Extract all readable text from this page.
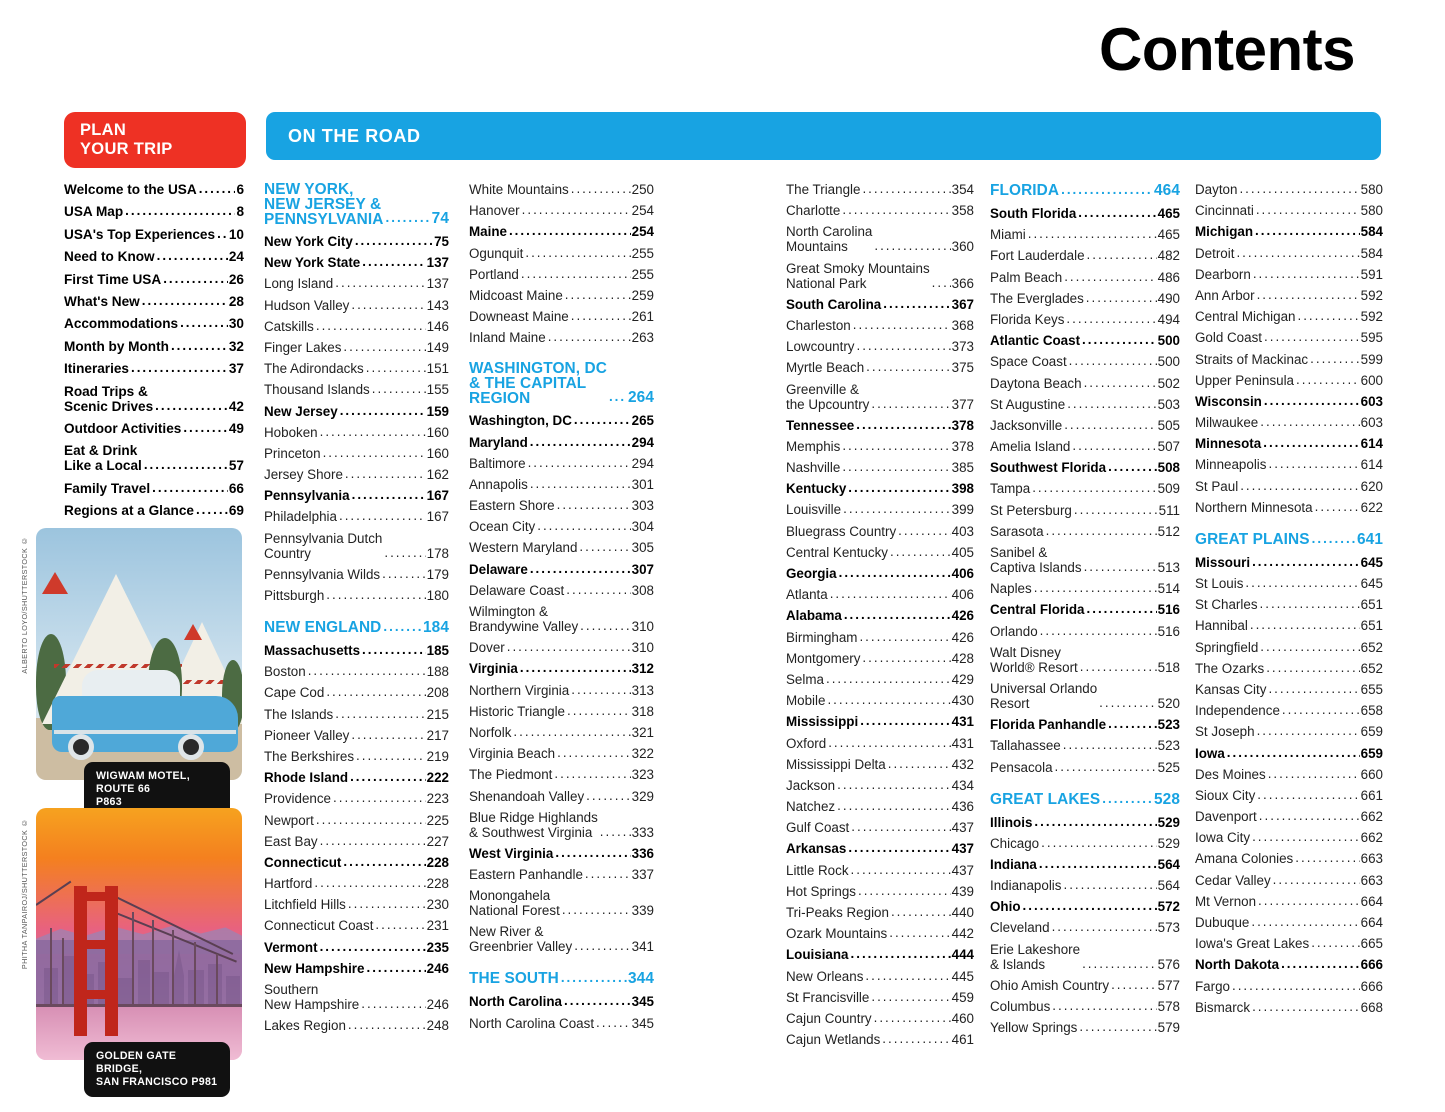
Contents
PLAN
YOUR TRIP
ON THE ROAD
Welcome to the USA .....	6
USA Map .....	8
USA's Top Experiences ..... 10
Need to Know .....	24
First Time USA .....	26
What's New .....	28
Accommodations .....	30
Month by Month .....	32
Itineraries .....	37
Road Trips &
Scenic Drives .....	42
Outdoor Activities .....	49
Eat & Drink
Like a Local .....	57
Family Travel .....	66
Regions at a Glance .....	69
NEW YORK,
NEW JERSEY &
PENNSYLVANIA .....	74
New York City .....	75
New York State .....	137
Long Island .....	137
Hudson Valley .....	143
Catskills .....	146
Finger Lakes .....	149
The Adirondacks .....	151
Thousand Islands .....	155
New Jersey .....	159
Hoboken .....	160
Princeton .....	160
Jersey Shore .....	162
Pennsylvania .....	167
Philadelphia .....	167
Pennsylvania Dutch
Country .....	178
Pennsylvania Wilds .....	179
Pittsburgh .....	180
NEW ENGLAND .....	184
Massachusetts .....	185
Boston .....	188
Cape Cod .....	208
The Islands .....	215
Pioneer Valley .....	217
The Berkshires .....	219
Rhode Island .....	222
Providence .....	223
Newport .....	225
East Bay .....	227
Connecticut .....	228
Hartford .....	228
Litchfield Hills .....	230
Connecticut Coast .....	231
Vermont .....	235
New Hampshire .....	246
Southern
New Hampshire .....	246
Lakes Region .....	248
White Mountains .....	250
Hanover .....	254
Maine .....	254
Ogunquit .....	255
Portland .....	255
Midcoast Maine .....	259
Downeast Maine .....	261
Inland Maine .....	263
WASHINGTON, DC
& THE CAPITAL
REGION .....	264
Washington, DC .....	265
Maryland .....	294
Baltimore .....	294
Annapolis .....	301
Eastern Shore .....	303
Ocean City .....	304
Western Maryland .....	305
Delaware .....	307
Delaware Coast .....	308
Wilmington &
Brandywine Valley .....	310
Dover .....	310
Virginia .....	312
Northern Virginia .....	313
Historic Triangle .....	318
Norfolk .....	321
Virginia Beach .....	322
The Piedmont .....	323
Shenandoah Valley .....	329
Blue Ridge Highlands
& Southwest Virginia .....	333
West Virginia .....	336
Eastern Panhandle .....	337
Monongahela
National Forest .....	339
New River &
Greenbrier Valley .....	341
THE SOUTH .....	344
North Carolina .....	345
North Carolina Coast .....	345
The Triangle .....	354
Charlotte .....	358
North Carolina
Mountains .....	360
Great Smoky Mountains
National Park .....	366
South Carolina .....	367
Charleston .....	368
Lowcountry .....	373
Myrtle Beach .....	375
Greenville &
the Upcountry .....	377
Tennessee .....	378
Memphis .....	378
Nashville .....	385
Kentucky .....	398
Louisville .....	399
Bluegrass Country .....	403
Central Kentucky .....	405
Georgia .....	406
Atlanta .....	406
Alabama .....	426
Birmingham .....	426
Montgomery .....	428
Selma .....	429
Mobile .....	430
Mississippi .....	431
Oxford .....	431
Mississippi Delta .....	432
Jackson .....	434
Natchez .....	436
Gulf Coast .....	437
Arkansas .....	437
Little Rock .....	437
Hot Springs .....	439
Tri-Peaks Region .....	440
Ozark Mountains .....	442
Louisiana .....	444
New Orleans .....	445
St Francisville .....	459
Cajun Country .....	460
Cajun Wetlands .....	461
FLORIDA .....	464
South Florida .....	465
Miami .....	465
Fort Lauderdale .....	482
Palm Beach .....	486
The Everglades .....	490
Florida Keys .....	494
Atlantic Coast .....	500
Space Coast .....	500
Daytona Beach .....	502
St Augustine .....	503
Jacksonville .....	505
Amelia Island .....	507
Southwest Florida .....	508
Tampa .....	509
St Petersburg .....	511
Sarasota .....	512
Sanibel &
Captiva Islands .....	513
Naples .....	514
Central Florida .....	516
Orlando .....	516
Walt Disney
World® Resort .....	518
Universal Orlando
Resort .....	520
Florida Panhandle .....	523
Tallahassee .....	523
Pensacola .....	525
GREAT LAKES .....	528
Illinois .....	529
Chicago .....	529
Indiana .....	564
Indianapolis .....	564
Ohio .....	572
Cleveland .....	573
Erie Lakeshore
& Islands .....	576
Ohio Amish Country .....	577
Columbus .....	578
Yellow Springs .....	579
Dayton .....	580
Cincinnati .....	580
Michigan .....	584
Detroit .....	584
Dearborn .....	591
Ann Arbor .....	592
Central Michigan .....	592
Gold Coast .....	595
Straits of Mackinac .....	599
Upper Peninsula .....	600
Wisconsin .....	603
Milwaukee .....	603
Minnesota .....	614
Minneapolis .....	614
St Paul .....	620
Northern Minnesota .....	622
GREAT PLAINS .....	641
Missouri .....	645
St Louis .....	645
St Charles .....	651
Hannibal .....	651
Springfield .....	652
The Ozarks .....	652
Kansas City .....	655
Independence .....	658
St Joseph .....	659
Iowa .....	659
Des Moines .....	660
Sioux City .....	661
Davenport .....	662
Iowa City .....	662
Amana Colonies .....	663
Cedar Valley .....	663
Mt Vernon .....	664
Dubuque .....	664
Iowa's Great Lakes .....	665
North Dakota .....	666
Fargo .....	666
Bismarck .....	668
ALBERTO LOYO/SHUTTERSTOCK ©
WIGWAM MOTEL, ROUTE 66
P863
PHITHA TANPAIROJ/SHUTTERSTOCK ©
GOLDEN GATE BRIDGE,
SAN FRANCISCO P981
